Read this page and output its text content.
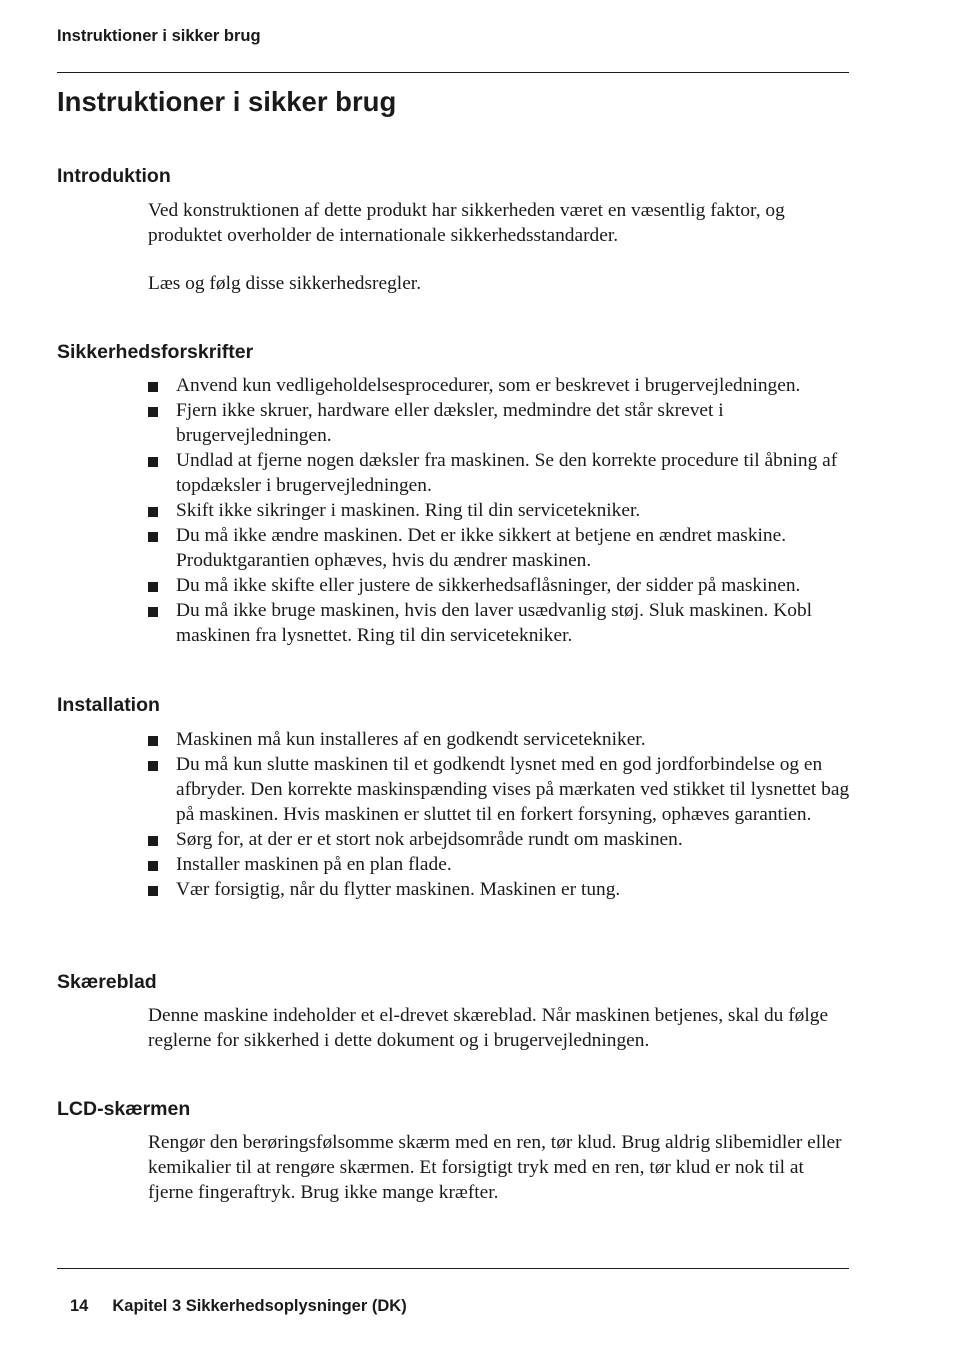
Instruktioner i sikker brug
Instruktioner i sikker brug
Introduktion

Ved konstruktionen af dette produkt har sikkerheden været en væsentlig faktor, og produktet overholder de internationale sikkerhedsstandarder.

Læs og følg disse sikkerhedsregler.

Sikkerhedsforskrifter
Anvend kun vedligeholdelsesprocedurer, som er beskrevet i brugervejledningen.
Fjern ikke skruer, hardware eller dæksler, medmindre det står skrevet i brugervejledningen.
Undlad at fjerne nogen dæksler fra maskinen. Se den korrekte procedure til åbning af topdæksler i brugervejledningen.
Skift ikke sikringer i maskinen. Ring til din servicetekniker.
Du må ikke ændre maskinen. Det er ikke sikkert at betjene en ændret maskine. Produktgarantien ophæves, hvis du ændrer maskinen.
Du må ikke skifte eller justere de sikkerhedsaflåsninger, der sidder på maskinen.
Du må ikke bruge maskinen, hvis den laver usædvanlig støj. Sluk maskinen. Kobl maskinen fra lysnettet. Ring til din servicetekniker.
Installation
Maskinen må kun installeres af en godkendt servicetekniker.
Du må kun slutte maskinen til et godkendt lysnet med en god jordforbindelse og en afbryder. Den korrekte maskinspænding vises på mærkaten ved stikket til lysnettet bag på maskinen. Hvis maskinen er sluttet til en forkert forsyning, ophæves garantien.
Sørg for, at der er et stort nok arbejdsområde rundt om maskinen.
Installer maskinen på en plan flade.
Vær forsigtig, når du flytter maskinen. Maskinen er tung.
Skæreblad

Denne maskine indeholder et el-drevet skæreblad. Når maskinen betjenes, skal du følge reglerne for sikkerhed i dette dokument og i brugervejledningen.

LCD-skærmen

Rengør den berøringsfølsomme skærm med en ren, tør klud. Brug aldrig slibemidler eller kemikalier til at rengøre skærmen. Et forsigtigt tryk med en ren, tør klud er nok til at fjerne fingeraftryk. Brug ikke mange kræfter.

14 Kapitel 3 Sikkerhedsoplysninger (DK)
